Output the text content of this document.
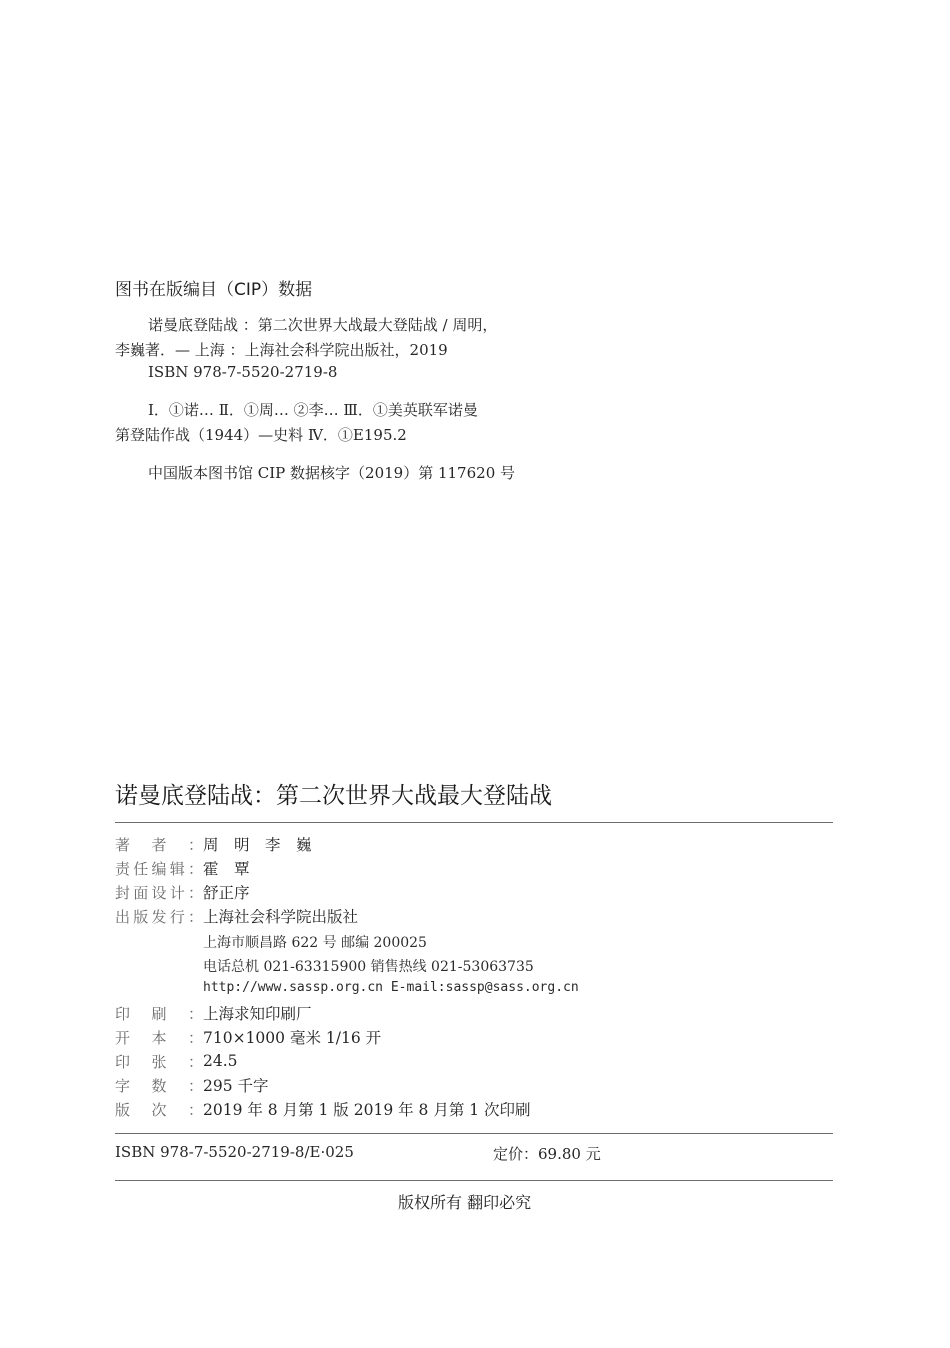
图书在版编目（CIP）数据
诺曼底登陆战 ：第二次世界大战最大登陆战 / 周明，
李巍著．— 上海 ：上海社会科学院出版社，2019
ISBN 978-7-5520-2719-8
Ⅰ．①诺… Ⅱ．①周… ②李… Ⅲ．①美英联军诺曼
第登陆作战（1944）—史料 Ⅳ．①E195.2
中国版本图书馆 CIP 数据核字（2019）第 117620 号
诺曼底登陆战：第二次世界大战最大登陆战
著 者 ： 周　明　李　巍
责 任 编 辑 ： 霍　覃
封 面 设 计 ： 舒正序
出 版 发 行 ： 上海社会科学院出版社
上海市顺昌路 622 号 邮编 200025
电话总机 021-63315900 销售热线 021-53063735
http://www.sassp.org.cn E-mail:sassp@sass.org.cn
印 刷 ： 上海求知印刷厂
开 本 ： 710×1000 毫米 1/16 开
印 张 ： 24.5
字 数 ： 295 千字
版 次 ： 2019 年 8 月第 1 版 2019 年 8 月第 1 次印刷
ISBN 978-7-5520-2719-8/E·025	定价：69.80 元
版权所有 翻印必究
